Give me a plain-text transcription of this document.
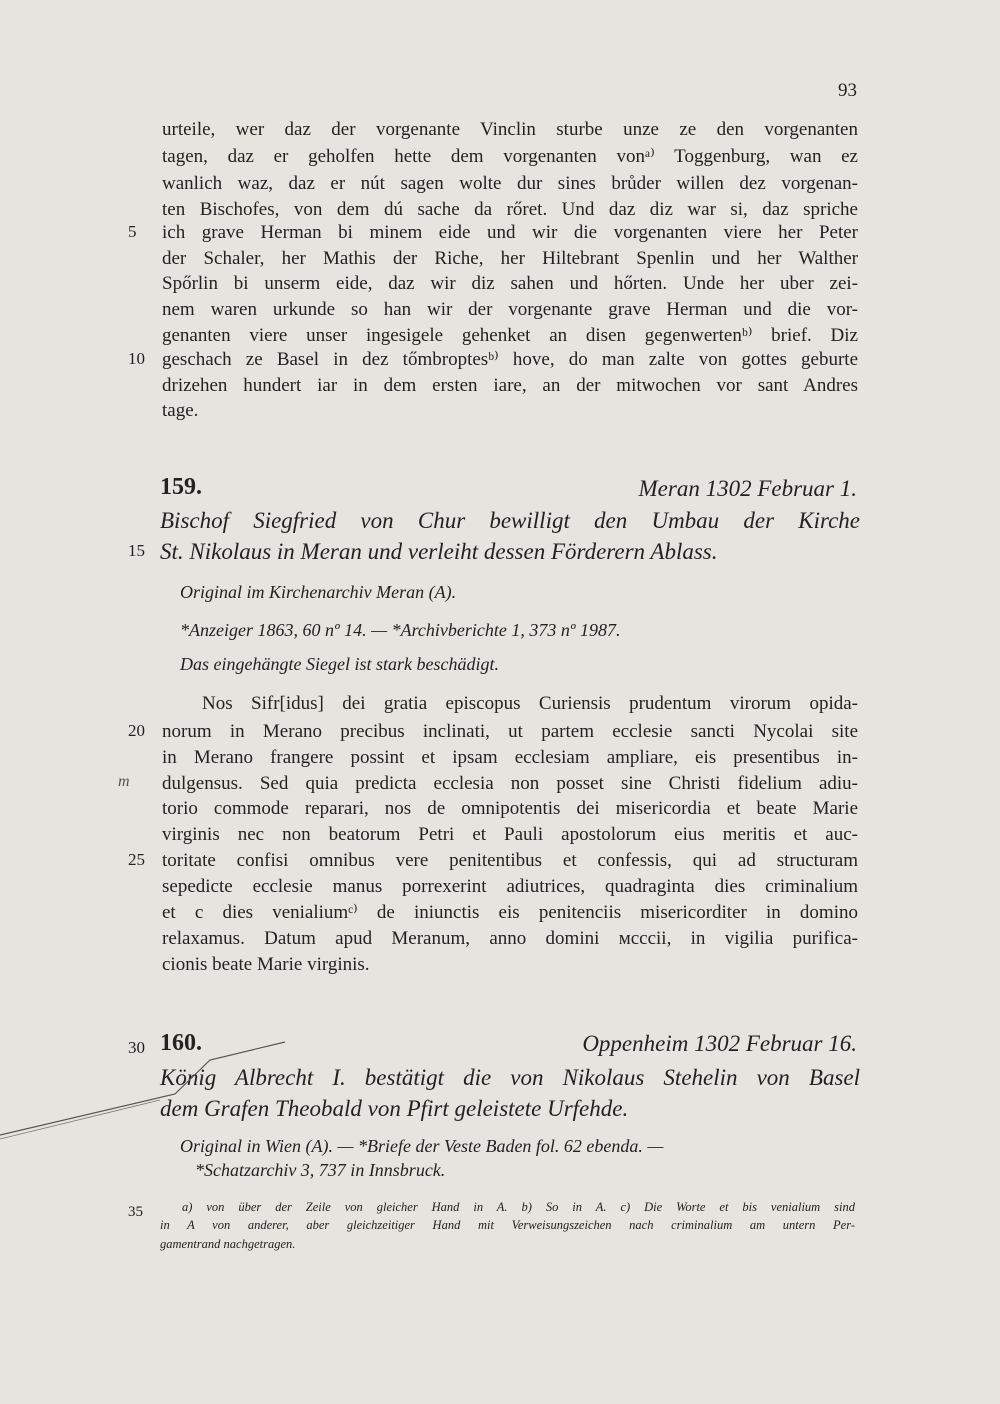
93
urteile, wer daz der vorgenante Vinclin sturbe unze ze den vorgenanten
tagen, daz er geholfen hette dem vorgenanten vonᵃ⁾ Toggenburg, wan ez
wanlich waz, daz er nút sagen wolte dur sines brůder willen dez vorgenan-
ten Bischofes, von dem dú sache da rőret. Und daz diz war si, daz spriche
5 ich grave Herman bi minem eide und wir die vorgenanten viere her Peter
der Schaler, her Mathis der Riche, her Hiltebrant Spenlin und her Walther
Spőrlin bi unserm eide, daz wir diz sahen und hőrten. Unde her uber zei-
nem waren urkunde so han wir der vorgenante grave Herman und die vor-
genanten viere unser ingesigele gehenket an disen gegenwertenᵇ⁾ brief. Diz
10 geschach ze Basel in dez tőmbroptesᵇ⁾ hove, do man zalte von gottes geburte
drizehen hundert iar in dem ersten iare, an der mitwochen vor sant Andres
tage.
159.	Meran 1302 Februar 1.
Bischof Siegfried von Chur bewilligt den Umbau der Kirche
15 St. Nikolaus in Meran und verleiht dessen Förderern Ablass.
Original im Kirchenarchiv Meran (A).
*Anzeiger 1863, 60 nº 14. — *Archivberichte 1, 373 nº 1987.
Das eingehängte Siegel ist stark beschädigt.
Nos Sifr[idus] dei gratia episcopus Curiensis prudentum virorum opida-
20 norum in Merano precibus inclinati, ut partem ecclesie sancti Nycolai site
in Merano frangere possint et ipsam ecclesiam ampliare, eis presentibus in-
m dulgensus. Sed quia predicta ecclesia non posset sine Christi fidelium adiu-
torio commode reparari, nos de omnipotentis dei misericordia et beate Marie
virginis nec non beatorum Petri et Pauli apostolorum eius meritis et auc-
25 toritate confisi omnibus vere penitentibus et confessis, qui ad structuram
sepedicte ecclesie manus porrexerint adiutrices, quadraginta dies criminalium
et c dies venialiumᶜ⁾ de iniunctis eis penitenciis misericorditer in domino
relaxamus. Datum apud Meranum, anno domini ᴍcccii, in vigilia purifica-
cionis beate Marie virginis.
30 160.	Oppenheim 1302 Februar 16.
König Albrecht I. bestätigt die von Nikolaus Stehelin von Basel
dem Grafen Theobald von Pfirt geleistete Urfehde.
Original in Wien (A). — *Briefe der Veste Baden fol. 62 ebenda. —
*Schatzarchiv 3, 737 in Innsbruck.
35	a) von über der Zeile von gleicher Hand in A. b) So in A. c) Die Worte et bis venialium sind
in A von anderer, aber gleichzeitiger Hand mit Verweisungszeichen nach criminalium am untern Per-
gamentrand nachgetragen.
